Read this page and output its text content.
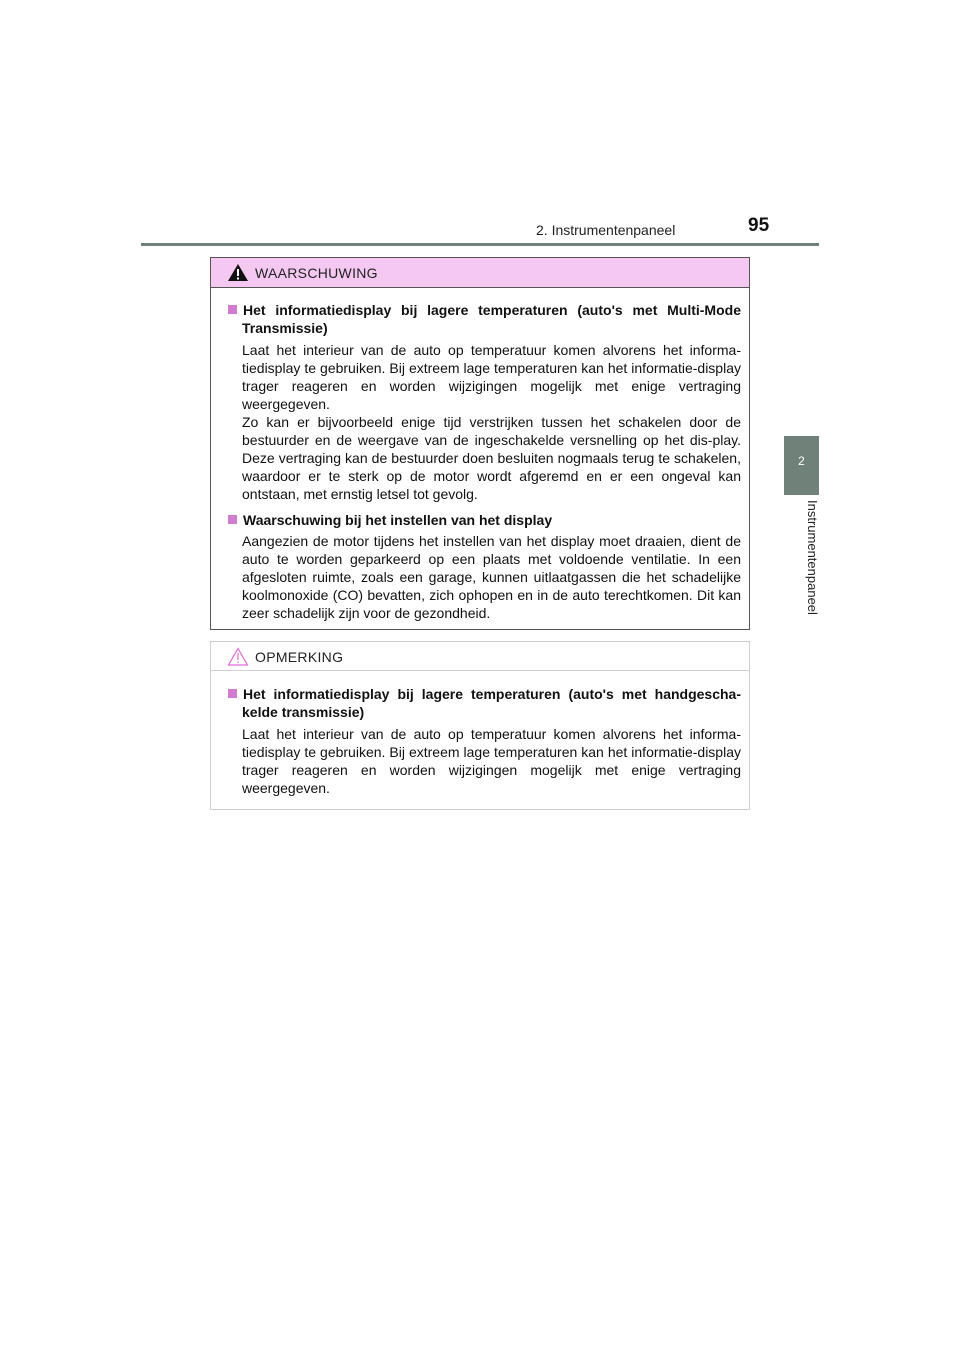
2. Instrumentenpaneel	95
2
Instrumentenpaneel
WAARSCHUWING
Het informatiedisplay bij lagere temperaturen (auto's met Multi-Mode Transmissie)

Laat het interieur van de auto op temperatuur komen alvorens het informa-tiedisplay te gebruiken. Bij extreem lage temperaturen kan het informatie-display trager reageren en worden wijzigingen mogelijk met enige vertraging weergegeven.

Zo kan er bijvoorbeeld enige tijd verstrijken tussen het schakelen door de bestuurder en de weergave van de ingeschakelde versnelling op het dis-play. Deze vertraging kan de bestuurder doen besluiten nogmaals terug te schakelen, waardoor er te sterk op de motor wordt afgeremd en er een ongeval kan ontstaan, met ernstig letsel tot gevolg.

Waarschuwing bij het instellen van het display

Aangezien de motor tijdens het instellen van het display moet draaien, dient de auto te worden geparkeerd op een plaats met voldoende ventilatie. In een afgesloten ruimte, zoals een garage, kunnen uitlaatgassen die het schadelijke koolmonoxide (CO) bevatten, zich ophopen en in de auto terechtkomen. Dit kan zeer schadelijk zijn voor de gezondheid.

OPMERKING
Het informatiedisplay bij lagere temperaturen (auto's met handgescha-kelde transmissie)

Laat het interieur van de auto op temperatuur komen alvorens het informa-tiedisplay te gebruiken. Bij extreem lage temperaturen kan het informatie-display trager reageren en worden wijzigingen mogelijk met enige vertraging weergegeven.
